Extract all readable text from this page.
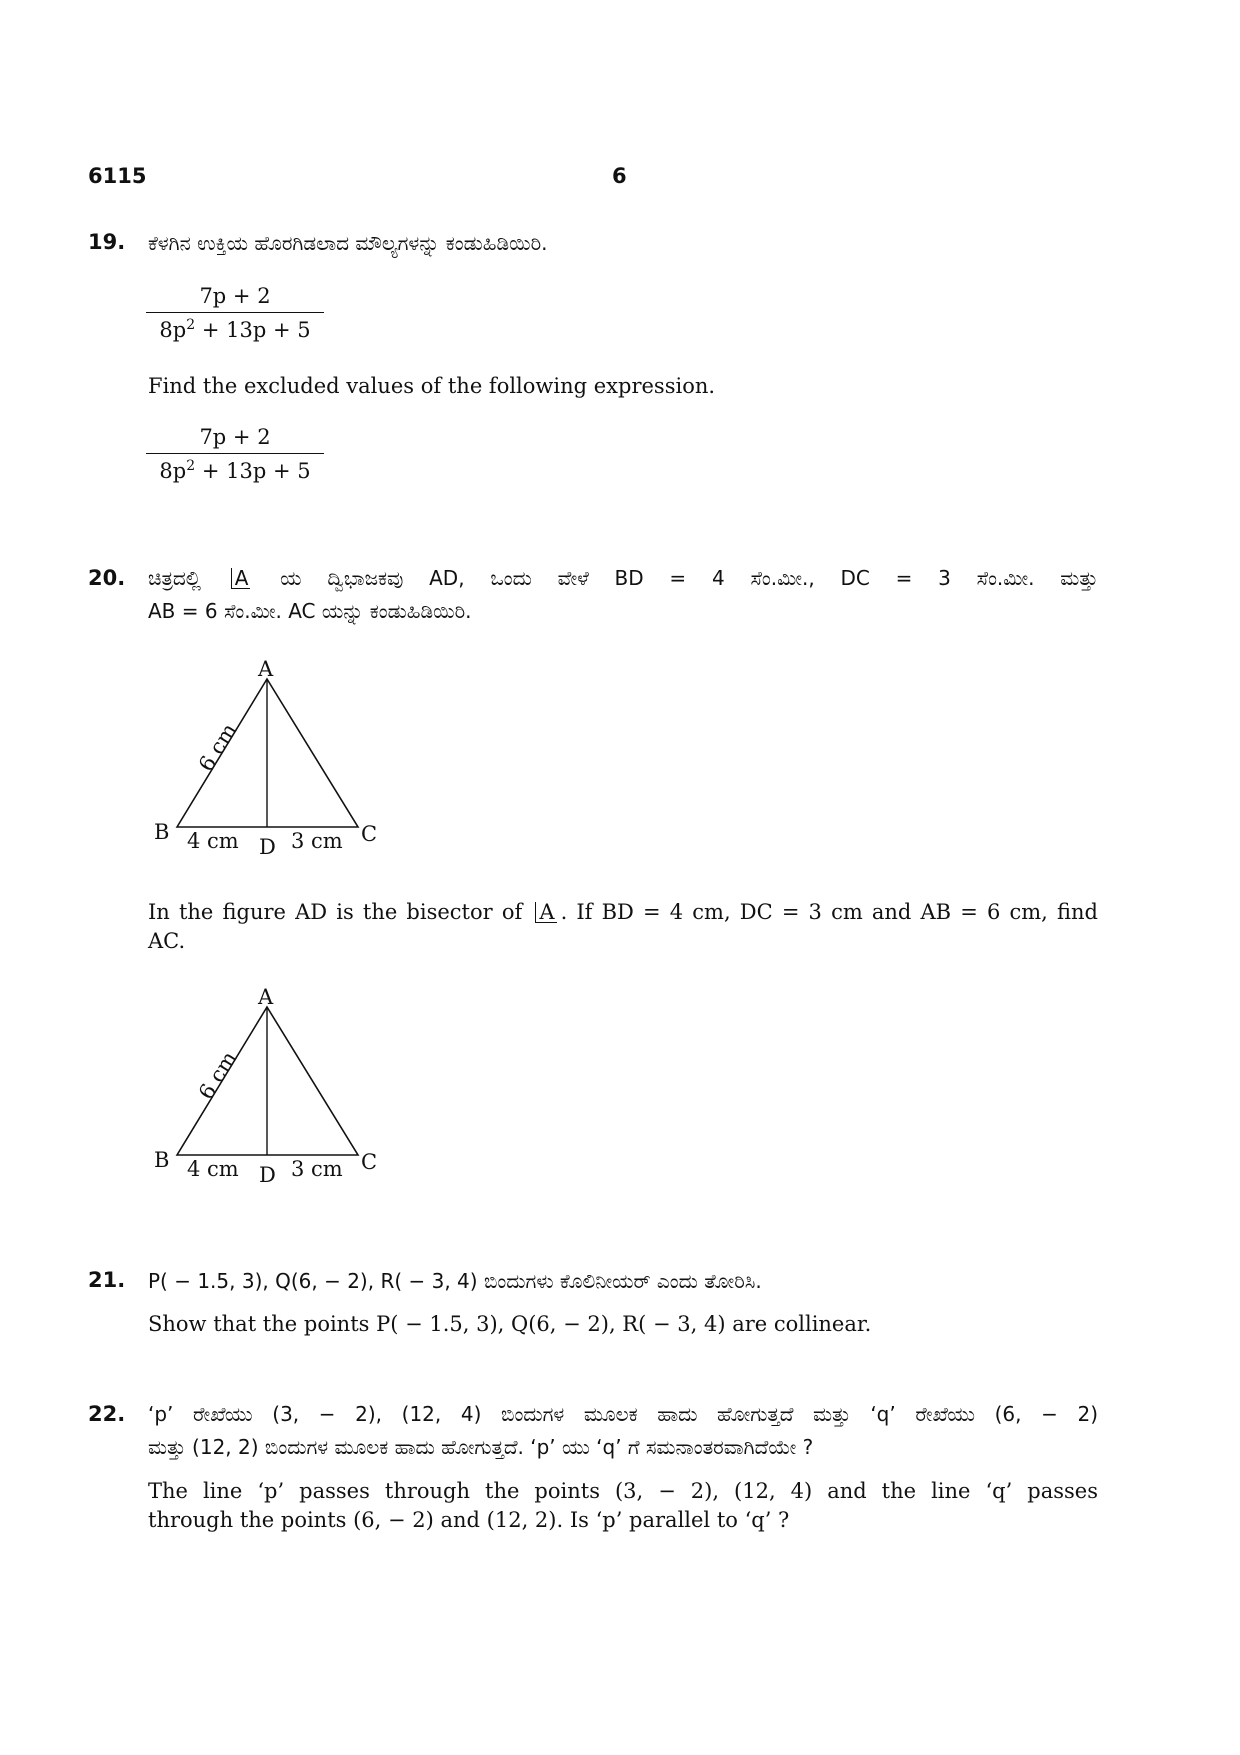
6115	6
19. ಕೆಳಗಿನ ಉಕ್ತಿಯ ಹೊರಗಿಡಲಾದ ಮೌಲ್ಯಗಳನ್ನು ಕಂಡುಹಿಡಿಯಿರಿ.
7p + 2
$8p^2 + 13p + 5$
Find the excluded values of the following expression.
7p + 2
$8p^2 + 13p + 5$
20. ಚಿತ್ರದಲ್ಲಿ A ಯ ದ್ವಿಭಾಜಕವು AD, ಒಂದು ವೇಳೆ BD = 4 ಸೆಂ.ಮೀ., DC = 3 ಸೆಂ.ಮೀ. ಮತ್ತು
AB = 6 ಸೆಂ.ಮೀ. AC ಯನ್ನು ಕಂಡುಹಿಡಿಯಿರಿ.
A
B	C
D
4 cm 3 cm
6 cm
In the figure AD is the bisector of A . If BD = 4 cm, DC = 3 cm and AB = 6 cm, find
AC.
A
B	C
D
4 cm 3 cm
6 cm
21. P( − 1.5, 3), Q(6, − 2), R( − 3, 4) ಬಿಂದುಗಳು ಕೊಲಿನೀಯರ್ ಎಂದು ತೋರಿಸಿ.
Show that the points P( − 1.5, 3), Q(6, − 2), R( − 3, 4) are collinear.
22. ‘p’ ರೇಖೆಯು (3, − 2), (12, 4) ಬಿಂದುಗಳ ಮೂಲಕ ಹಾದು ಹೋಗುತ್ತದೆ ಮತ್ತು ‘q’ ರೇಖೆಯು (6, − 2)
ಮತ್ತು (12, 2) ಬಿಂದುಗಳ ಮೂಲಕ ಹಾದು ಹೋಗುತ್ತದೆ. ‘p’ ಯು ‘q’ ಗೆ ಸಮನಾಂತರವಾಗಿದೆಯೇ ?
The line ‘p’ passes through the points (3, − 2), (12, 4) and the line ‘q’ passes
through the points (6, − 2) and (12, 2). Is ‘p’ parallel to ‘q’ ?
